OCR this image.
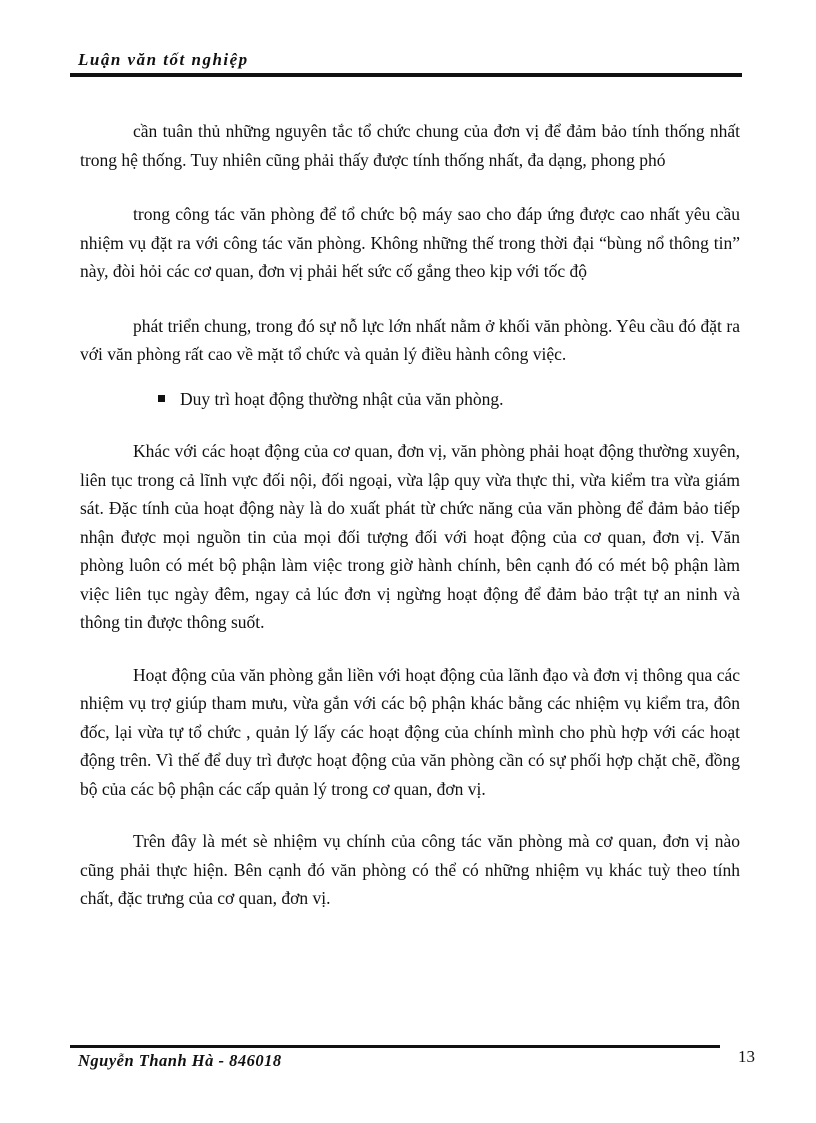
Luận văn tốt nghiệp

cần tuân thủ những nguyên tắc tổ chức chung của đơn vị để đảm bảo tính thống nhất trong hệ thống. Tuy nhiên cũng phải thấy được tính thống nhất, đa dạng, phong phó

trong công tác văn phòng để tổ chức bộ máy sao cho đáp ứng được cao nhất yêu cầu nhiệm vụ đặt ra với công tác văn phòng. Không những thế trong thời đại “bùng nổ thông tin” này, đòi hỏi các cơ quan, đơn vị phải hết sức cố gắng theo kịp với tốc độ

phát triển chung, trong đó sự nỗ lực lớn nhất nằm ở khối văn phòng. Yêu cầu đó đặt ra với văn phòng rất cao về mặt tổ chức và quản lý điều hành công việc.

Duy trì hoạt động thường nhật của văn phòng.

Khác với các hoạt động của cơ quan, đơn vị, văn phòng phải hoạt động thường xuyên, liên tục trong cả lĩnh vực đối nội, đối ngoại, vừa lập quy vừa thực thi, vừa kiểm tra vừa giám sát. Đặc tính của hoạt động này là do xuất phát từ chức năng của văn phòng để đảm bảo tiếp nhận được mọi nguồn tin của mọi đối tượng đối với hoạt động của cơ quan, đơn vị. Văn phòng luôn có mét bộ phận làm việc trong giờ hành chính, bên cạnh đó có mét bộ phận làm việc liên tục ngày đêm, ngay cả lúc đơn vị ngừng hoạt động để đảm bảo trật tự an ninh và thông tin được thông suốt.

Hoạt động của văn phòng gắn liền với hoạt động của lãnh đạo và đơn vị thông qua các nhiệm vụ trợ giúp tham mưu, vừa gắn với các bộ phận khác bằng các nhiệm vụ kiểm tra, đôn đốc, lại vừa tự tổ chức , quản lý lấy các hoạt động của chính mình cho phù hợp với các hoạt động trên. Vì thế để duy trì được hoạt động của văn phòng cần có sự phối hợp chặt chẽ, đồng bộ của các bộ phận các cấp quản lý trong cơ quan, đơn vị.

Trên đây là mét sè nhiệm vụ chính của công tác văn phòng mà cơ quan, đơn vị nào cũng phải thực hiện. Bên cạnh đó văn phòng có thể có những nhiệm vụ khác tuỳ theo tính chất, đặc trưng của cơ quan, đơn vị.

Nguyễn Thanh Hà - 846018	13
